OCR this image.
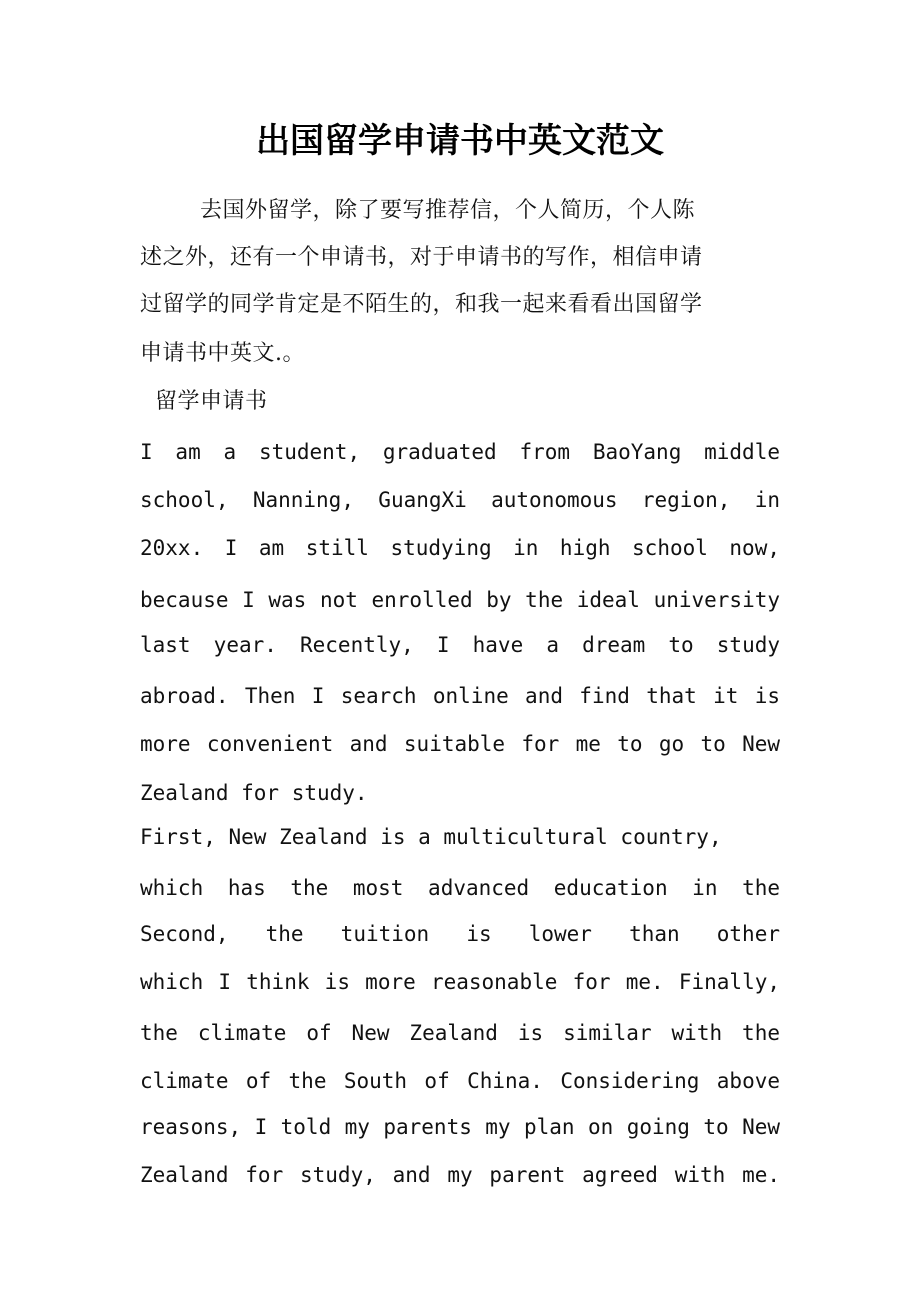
出国留学申请书中英文范文
去国外留学，除了要写推荐信，个人简历，个人陈
述之外，还有一个申请书，对于申请书的写作，相信申请
过留学的同学肯定是不陌生的，和我一起来看看出国留学
申请书中英文.。
留学申请书
I am a student, graduated from BaoYang middle
school, Nanning, GuangXi autonomous region, in
20xx. I am still studying in high school now,
because I was not enrolled by the ideal university
last year. Recently, I have a dream to study
abroad. Then I search online and find that it is
more convenient and suitable for me to go to New
Zealand for study.
First, New Zealand is a multicultural country,
which has the most advanced education in the
Second, the tuition is lower than other
which I think is more reasonable for me. Finally,
the climate of New Zealand is similar with the
climate of the South of China. Considering above
reasons, I told my parents my plan on going to New
Zealand for study, and my parent agreed with me.
